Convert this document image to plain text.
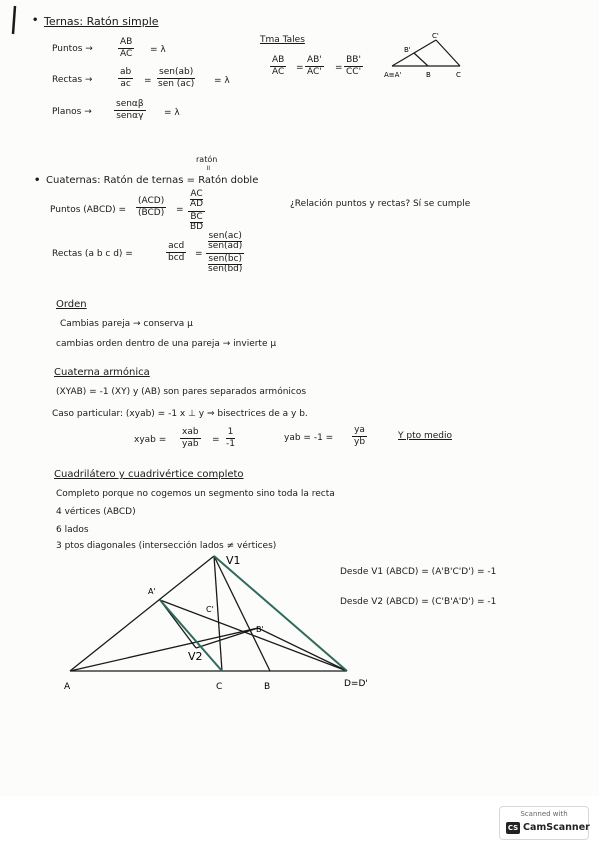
• Ternas: Ratón simple
Puntos →	$\frac{AB}{AC} = \lambda$
Rectas →	$\frac{ab}{ac}$ =
sen(ab)
sen (ac) = λ
Planos →
senαβ
senαγ = λ
Tma Tales
$\frac{AB}{AC} = \frac{AB'}{AC'} = \frac{BB'}{CC'}$
B'
C'
A≡A'	B	C
ratón
॥
• Cuaternas: Ratón de ternas = Ratón doble
Puntos (ABCD) =
(ACD)
(BCD) = AC
AD
BC
BD	¿Relación puntos y rectas? Sí se cumple
Rectas (a b c d) =
acd
bcd =
sen(ac)
sen(ad)
sen(bc)
sen(bd)
Orden
Cambias pareja → conserva μ
cambias orden dentro de una pareja → invierte μ
Cuaterna armónica
(XYAB) = -1 (XY) y (AB) son pares separados armónicos
Caso particular: (xyab) = -1 x ⊥ y ⇒ bisectrices de a y b.
xyab =
xab
yab = $\frac{1}{-1}$	yab = $-1 = \frac{ya}{yb}$	Y pto medio
Cuadrilátero y cuadrivértice completo
Completo porque no cogemos un segmento sino toda la recta
4 vértices (ABCD)
6 lados
3 ptos diagonales (intersección lados ≠ vértices)
Desde V1 (ABCD) = (A'B'C'D') = -1
Desde V2 (ABCD) = (C'B'A'D') = -1
V1
V2
A'
C'
B'
A	C	B	D=D'
Scanned with
CS CamScanner
